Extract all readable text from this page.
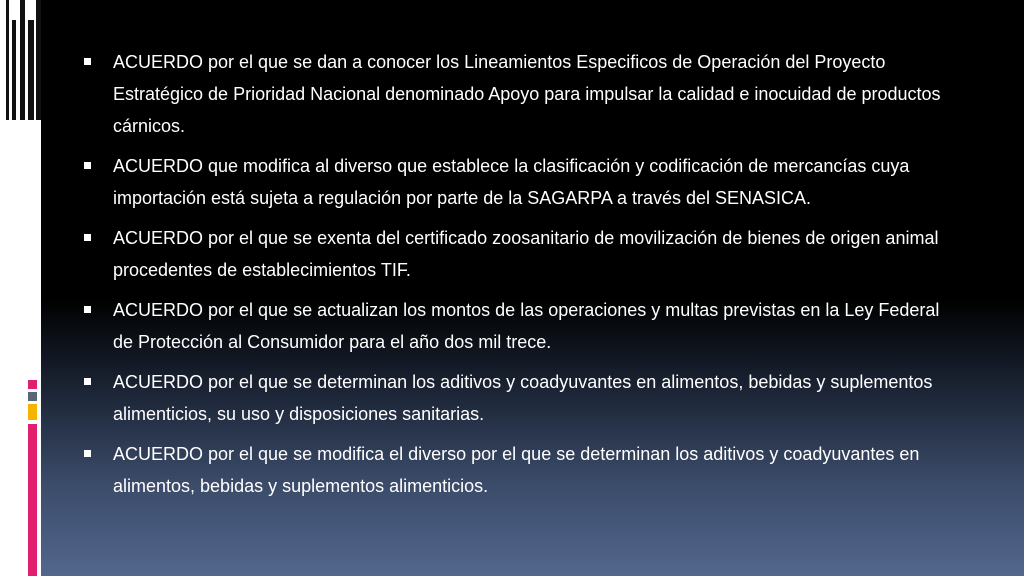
ACUERDO por el que se dan a conocer los Lineamientos Especificos de Operación del Proyecto Estratégico de Prioridad Nacional denominado Apoyo para impulsar la calidad e inocuidad de productos cárnicos.
ACUERDO que modifica al diverso que establece la clasificación y codificación de mercancías cuya importación está sujeta a regulación por parte de la SAGARPA a través del SENASICA.
ACUERDO por el que se exenta del certificado zoosanitario de movilización de bienes de origen animal procedentes de establecimientos TIF.
ACUERDO por el que se actualizan los montos de las operaciones y multas previstas en la Ley Federal de Protección al Consumidor para el año dos mil trece.
ACUERDO por el que se determinan los aditivos y coadyuvantes en alimentos, bebidas y suplementos alimenticios, su uso y disposiciones sanitarias.
ACUERDO por el que se modifica el diverso por el que se determinan los aditivos y coadyuvantes en alimentos, bebidas y suplementos alimenticios.
